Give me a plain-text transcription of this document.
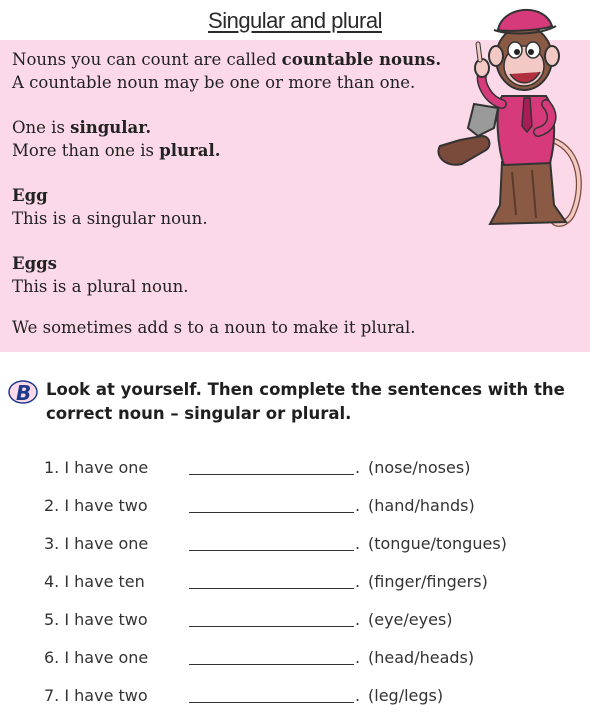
Singular and plural

Nouns you can count are called countable nouns.
A countable noun may be one or more than one.

One is singular.
More than one is plural.

Egg
This is a singular noun.

Eggs
This is a plural noun.

We sometimes add s to a noun to make it plural.

B Look at yourself. Then complete the sentences with the correct noun – singular or plural.
1. I have one	. (nose/noses)
2. I have two	. (hand/hands)
3. I have one	. (tongue/tongues)
4. I have ten	. (finger/fingers)
5. I have two	. (eye/eyes)
6. I have one	. (head/heads)
7. I have two	. (leg/legs)
